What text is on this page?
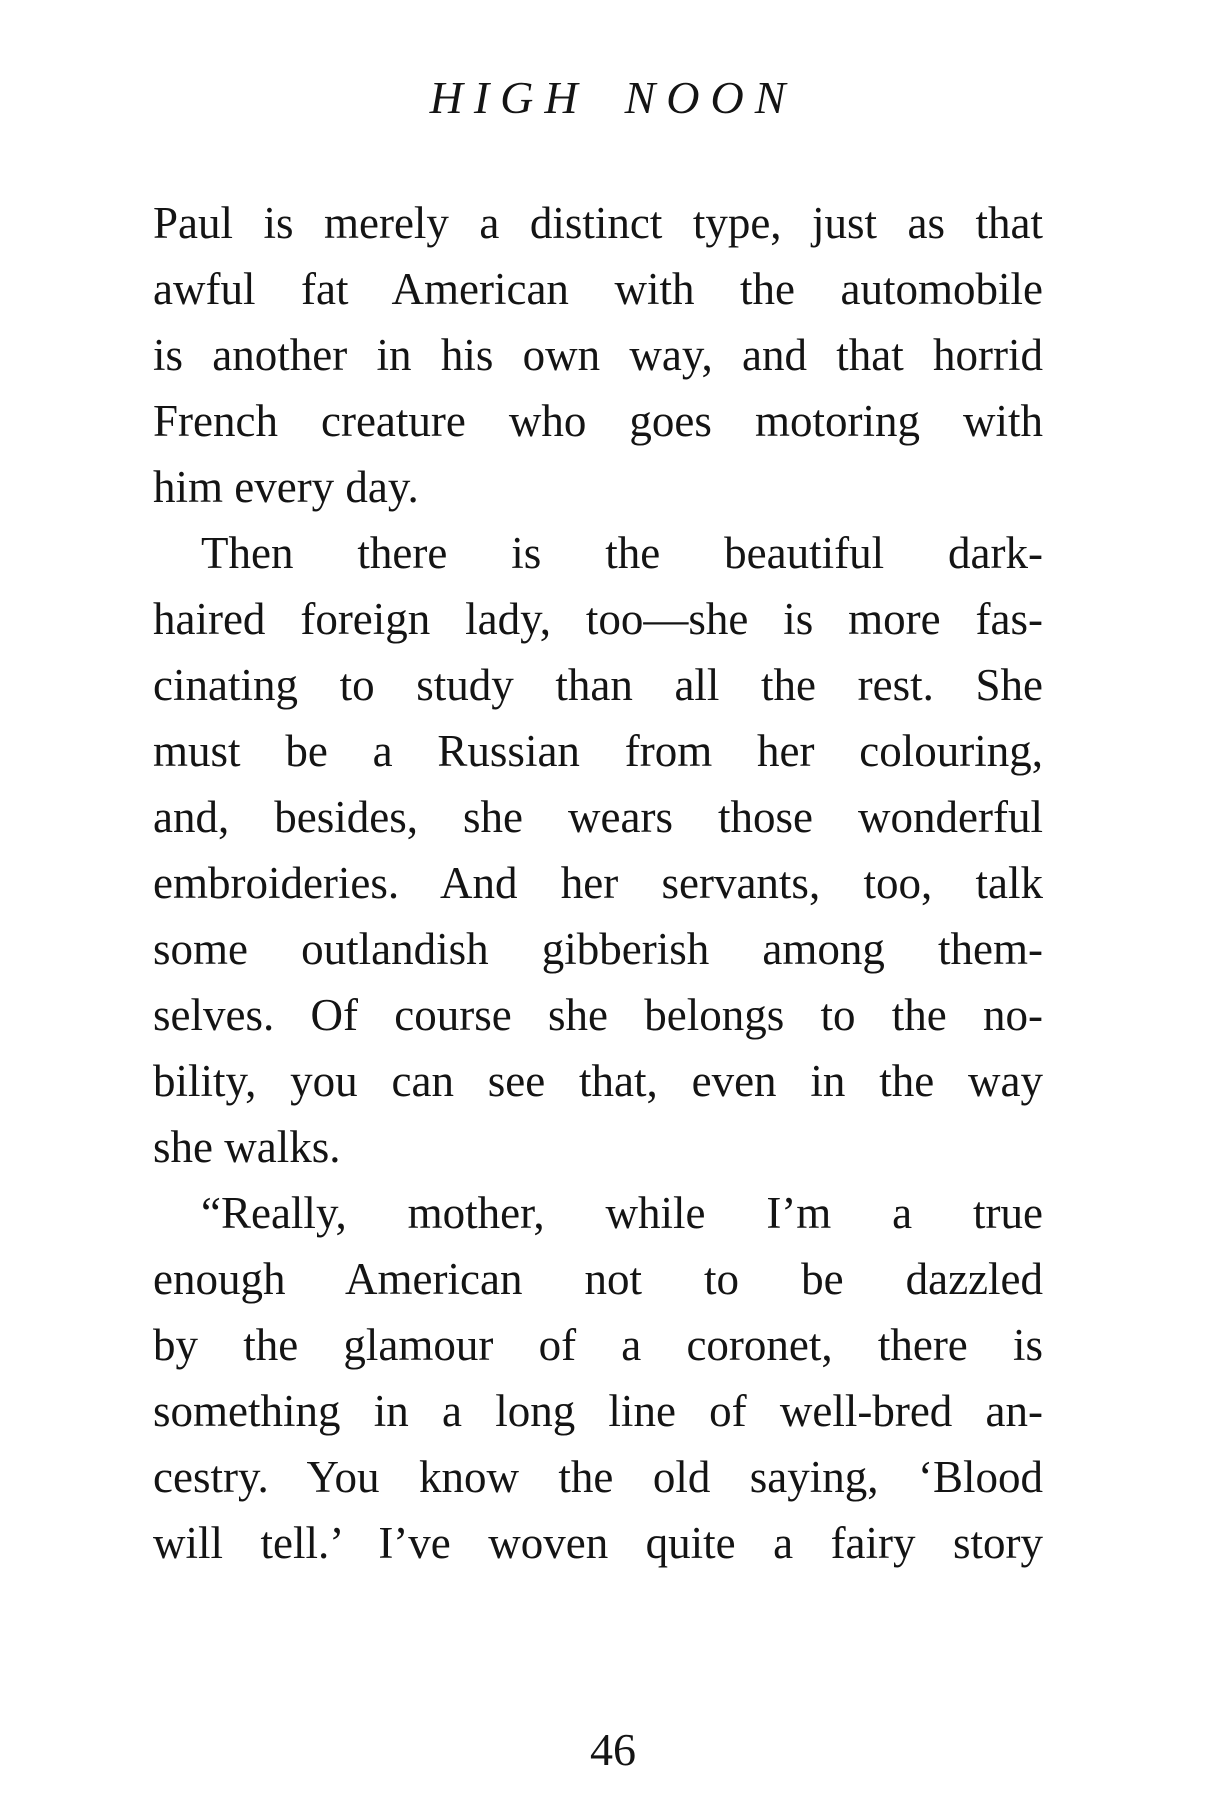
HIGH NOON
Paul is merely a distinct type, just as that
awful fat American with the automobile
is another in his own way, and that horrid
French creature who goes motoring with
him every day.
Then there is the beautiful dark-
haired foreign lady, too—she is more fas-
cinating to study than all the rest. She
must be a Russian from her colouring,
and, besides, she wears those wonderful
embroideries. And her servants, too, talk
some outlandish gibberish among them-
selves. Of course she belongs to the no-
bility, you can see that, even in the way
she walks.
“Really, mother, while I’m a true
enough American not to be dazzled
by the glamour of a coronet, there is
something in a long line of well-bred an-
cestry. You know the old saying, ‘Blood
will tell.’ I’ve woven quite a fairy story
46
